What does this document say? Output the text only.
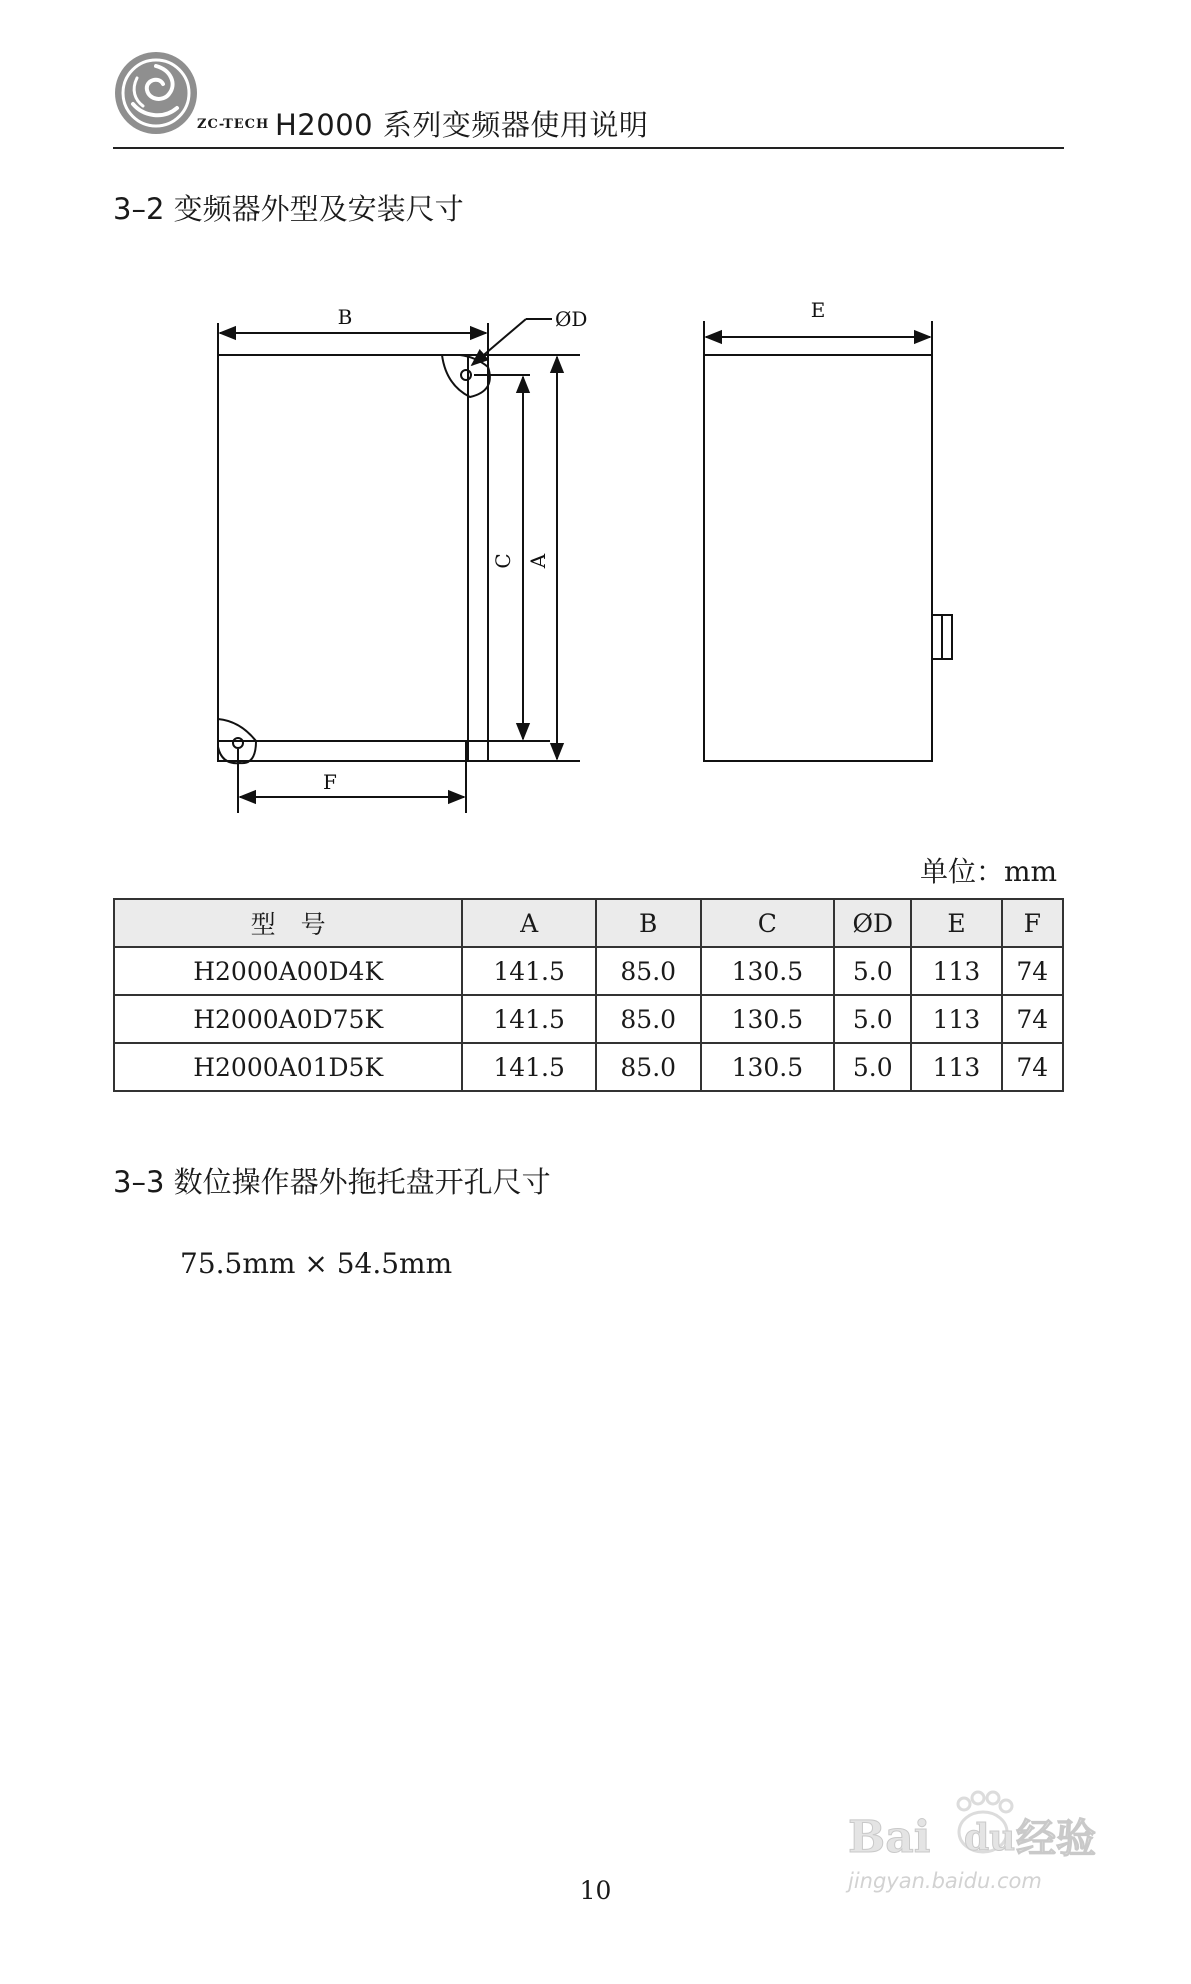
ZC-TECH H2000 系列变频器使用说明
3–2 变频器外型及安装尺寸
B	ØD	E
C A
F
单位：mm
型　号	A	B	C	ØD	E	F
H2000A00D4K	141.5	85.0	130.5	5.0	113	74
H2000A0D75K	141.5	85.0	130.5	5.0	113	74
H2000A01D5K	141.5	85.0	130.5	5.0	113	74
3–3 数位操作器外拖托盘开孔尺寸
75.5mm × 54.5mm
Bai du 经验
jingyan.baidu.com
10
